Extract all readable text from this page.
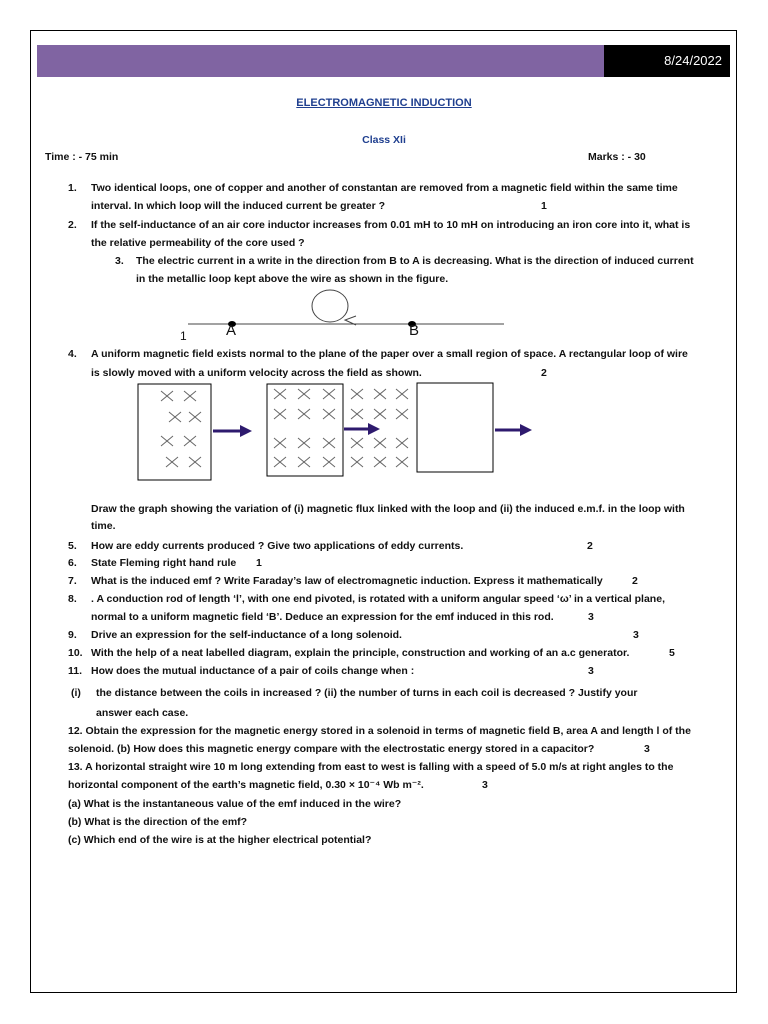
8/24/2022
ELECTROMAGNETIC INDUCTION
Class XIi
Time : - 75 min	Marks : - 30
1. Two identical loops, one of copper and another of constantan are removed from a magnetic field within the same time
interval. In which loop will the induced current be greater ?	1
2. If the self-inductance of an air core inductor increases from 0.01 mH to 10 mH on introducing an iron core into it, what is
the relative permeability of the core used ?
3. The electric current in a write in the direction from B to A is decreasing. What is the direction of induced current
in the metallic loop kept above the wire as shown in the figure.
1	A	B
4. A uniform magnetic field exists normal to the plane of the paper over a small region of space. A rectangular loop of wire
is slowly moved with a uniform velocity across the field as shown.	2
Draw the graph showing the variation of (i) magnetic flux linked with the loop and (ii) the induced e.m.f. in the loop with
time.
5. How are eddy currents produced ? Give two applications of eddy currents.	2
6. State Fleming right hand rule 1
7. What is the induced emf ? Write Faraday’s law of electromagnetic induction. Express it mathematically	2
8. . A conduction rod of length ‘l’, with one end pivoted, is rotated with a uniform angular speed ‘ω’ in a vertical plane,
normal to a uniform magnetic field ‘B’. Deduce an expression for the emf induced in this rod.	3
9. Drive an expression for the self-inductance of a long solenoid.	3
10. With the help of a neat labelled diagram, explain the principle, construction and working of an a.c generator.	5
11. How does the mutual inductance of a pair of coils change when :	3
(i) the distance between the coils in increased ? (ii) the number of turns in each coil is decreased ? Justify your
answer each case.
12. Obtain the expression for the magnetic energy stored in a solenoid in terms of magnetic field B, area A and length l of the
solenoid. (b) How does this magnetic energy compare with the electrostatic energy stored in a capacitor?	3
13. A horizontal straight wire 10 m long extending from east to west is falling with a speed of 5.0 m/s at right angles to the
horizontal component of the earth’s magnetic field, 0.30 × 10⁻⁴ Wb m⁻².	3
(a) What is the instantaneous value of the emf induced in the wire?
(b) What is the direction of the emf?
(c) Which end of the wire is at the higher electrical potential?
